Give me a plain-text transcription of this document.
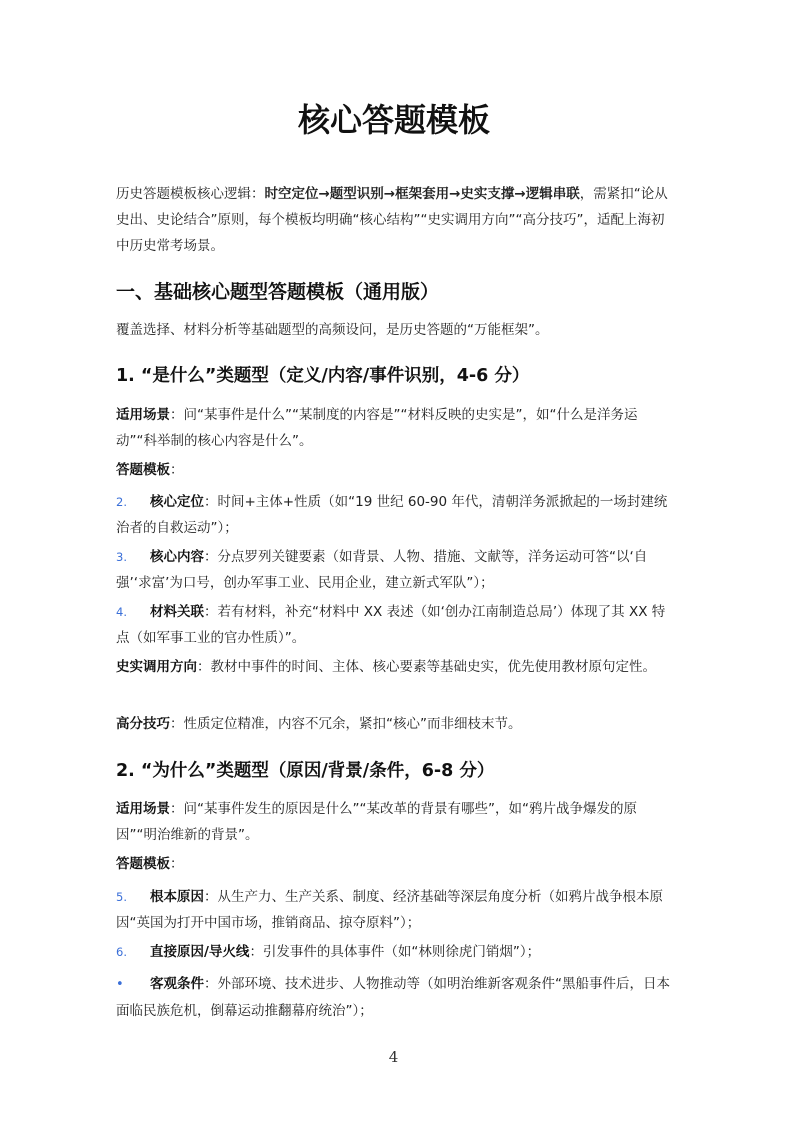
核心答题模板

历史答题模板核心逻辑：时空定位→题型识别→框架套用→史实支撑→逻辑串联，需紧扣“论从史出、史论结合”原则，每个模板均明确“核心结构”“史实调用方向”“高分技巧”，适配上海初中历史常考场景。

一、基础核心题型答题模板（通用版）

覆盖选择、材料分析等基础题型的高频设问，是历史答题的“万能框架”。

1. “是什么”类题型（定义/内容/事件识别，4-6 分）

适用场景：问“某事件是什么”“某制度的内容是”“材料反映的史实是”，如“什么是洋务运动”“科举制的核心内容是什么”。

答题模板：

2. 核心定位：时间+主体+性质（如“19 世纪 60-90 年代，清朝洋务派掀起的一场封建统治者的自救运动”）；

3. 核心内容：分点罗列关键要素（如背景、人物、措施、文献等，洋务运动可答“以‘自强’‘求富’为口号，创办军事工业、民用企业，建立新式军队”）；

4. 材料关联：若有材料，补充“材料中 XX 表述（如‘创办江南制造总局’）体现了其 XX 特点（如军事工业的官办性质）”。

史实调用方向：教材中事件的时间、主体、核心要素等基础史实，优先使用教材原句定性。

高分技巧：性质定位精准，内容不冗余，紧扣“核心”而非细枝末节。

2. “为什么”类题型（原因/背景/条件，6-8 分）

适用场景：问“某事件发生的原因是什么”“某改革的背景有哪些”，如“鸦片战争爆发的原因”“明治维新的背景”。

答题模板：

5. 根本原因：从生产力、生产关系、制度、经济基础等深层角度分析（如鸦片战争根本原因“英国为打开中国市场，推销商品、掠夺原料”）；

6. 直接原因/导火线：引发事件的具体事件（如“林则徐虎门销烟”）；

• 客观条件：外部环境、技术进步、人物推动等（如明治维新客观条件“黑船事件后，日本面临民族危机，倒幕运动推翻幕府统治”）；

4
